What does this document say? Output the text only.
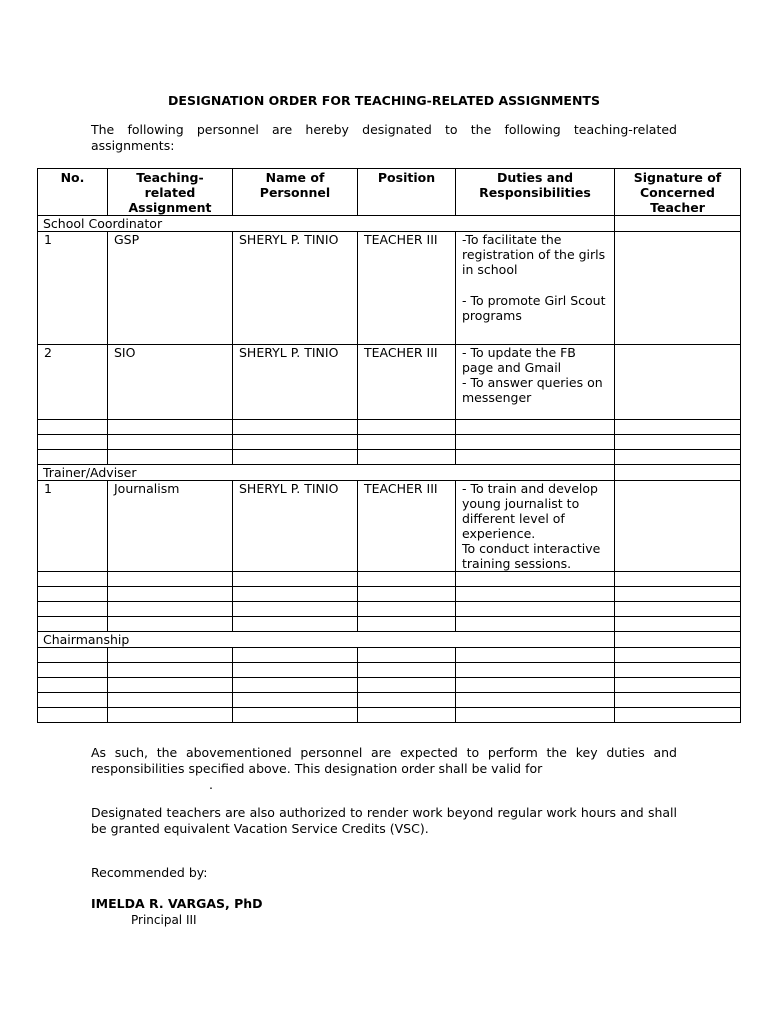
DESIGNATION ORDER FOR TEACHING-RELATED ASSIGNMENTS
The following personnel are hereby designated to the following teaching-related assignments:
No.	Teaching-related Assignment	Name of Personnel	Position	Duties and Responsibilities	Signature of Concerned Teacher
School Coordinator					
1	GSP	SHERYL P. TINIO	TEACHER III	-To facilitate the registration of the girls in school

- To promote Girl Scout programs	

2	SIO	SHERYL P. TINIO	TEACHER III	- To update the FB page and Gmail

- To answer queries on messenger	

Trainer/Adviser					
1	Journalism	SHERYL P. TINIO	TEACHER III	- To train and develop young journalist to different level of experience.

To conduct interactive training sessions.	

Chairmanship					

As such, the abovementioned personnel are expected to perform the key duties and responsibilities specified above. This designation order shall be valid for
.
Designated teachers are also authorized to render work beyond regular work hours and shall be granted equivalent Vacation Service Credits (VSC).
Recommended by:
IMELDA R. VARGAS, PhD
Principal III
